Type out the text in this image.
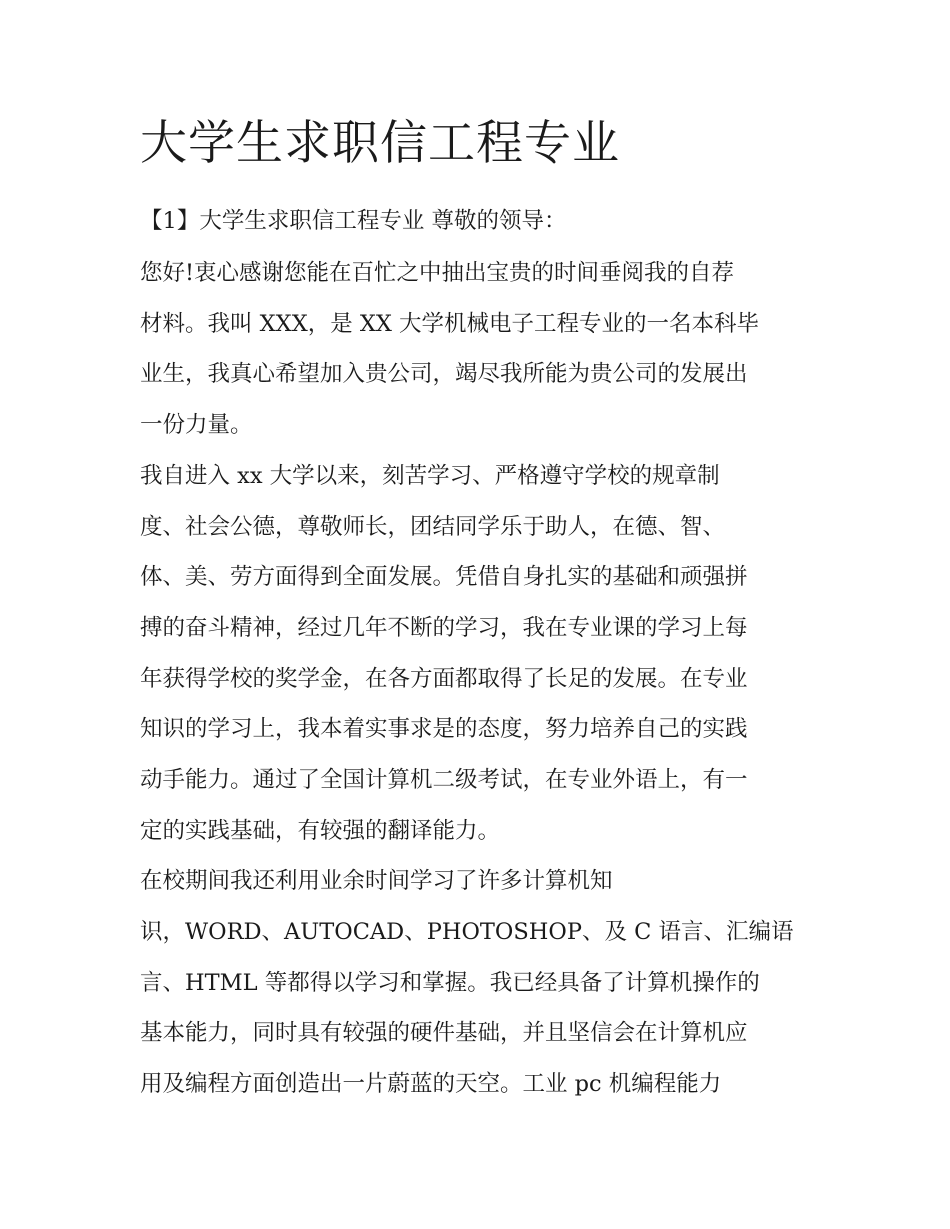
大学生求职信工程专业

【1】大学生求职信工程专业 尊敬的领导：

您好!衷心感谢您能在百忙之中抽出宝贵的时间垂阅我的自荐

材料。我叫 XXX，是 XX 大学机械电子工程专业的一名本科毕

业生，我真心希望加入贵公司，竭尽我所能为贵公司的发展出

一份力量。

我自进入 xx 大学以来，刻苦学习、严格遵守学校的规章制

度、社会公德，尊敬师长，团结同学乐于助人，在德、智、

体、美、劳方面得到全面发展。凭借自身扎实的基础和顽强拼

搏的奋斗精神，经过几年不断的学习，我在专业课的学习上每

年获得学校的奖学金，在各方面都取得了长足的发展。在专业

知识的学习上，我本着实事求是的态度，努力培养自己的实践

动手能力。通过了全国计算机二级考试，在专业外语上，有一

定的实践基础，有较强的翻译能力。

在校期间我还利用业余时间学习了许多计算机知

识，WORD、AUTOCAD、PHOTOSHOP、及 C 语言、汇编语

言、HTML 等都得以学习和掌握。我已经具备了计算机操作的

基本能力，同时具有较强的硬件基础，并且坚信会在计算机应

用及编程方面创造出一片蔚蓝的天空。工业 pc 机编程能力
